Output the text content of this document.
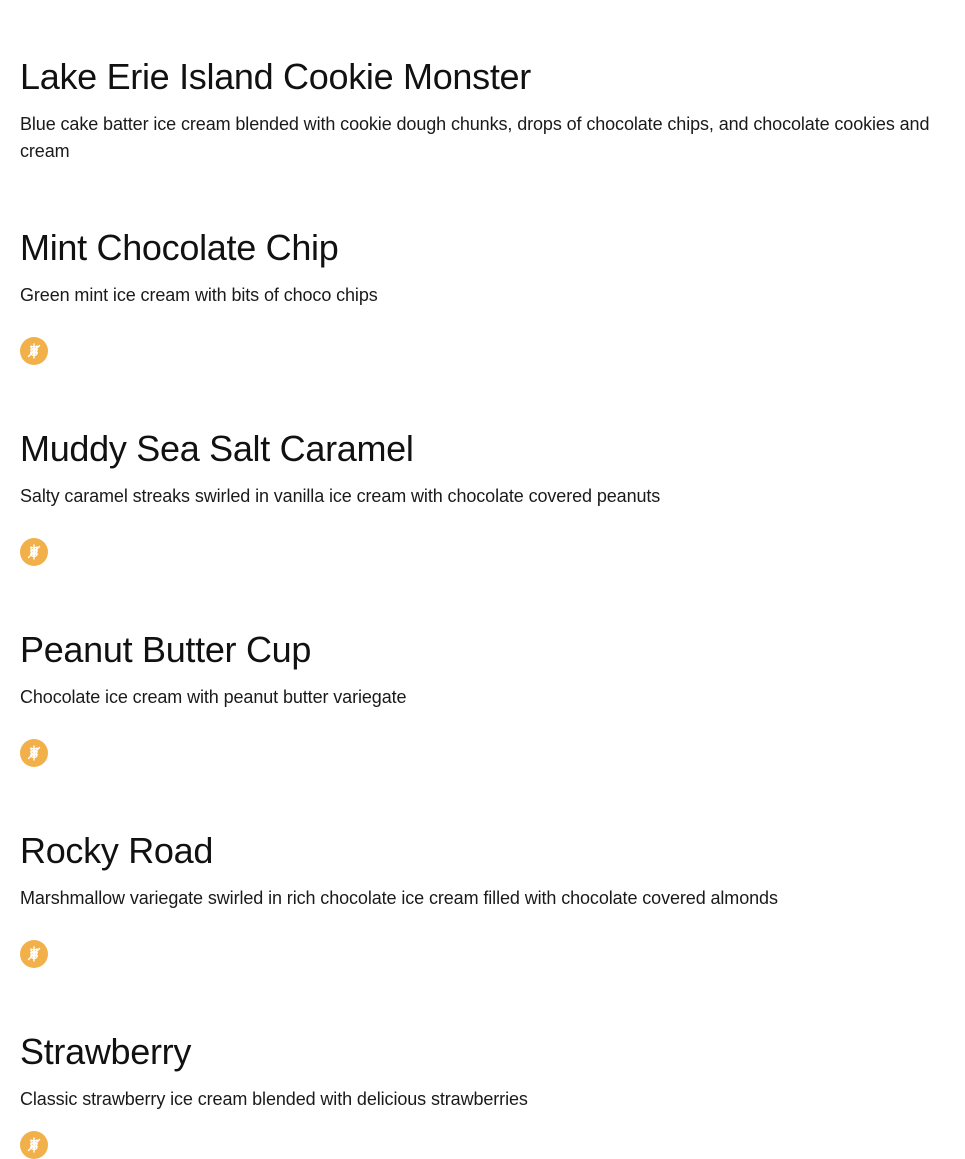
Lake Erie Island Cookie Monster

Blue cake batter ice cream blended with cookie dough chunks, drops of chocolate chips, and chocolate cookies and cream

Mint Chocolate Chip

Green mint ice cream with bits of choco chips

Muddy Sea Salt Caramel

Salty caramel streaks swirled in vanilla ice cream with chocolate covered peanuts

Peanut Butter Cup

Chocolate ice cream with peanut butter variegate

Rocky Road

Marshmallow variegate swirled in rich chocolate ice cream filled with chocolate covered almonds

Strawberry

Classic strawberry ice cream blended with delicious strawberries
